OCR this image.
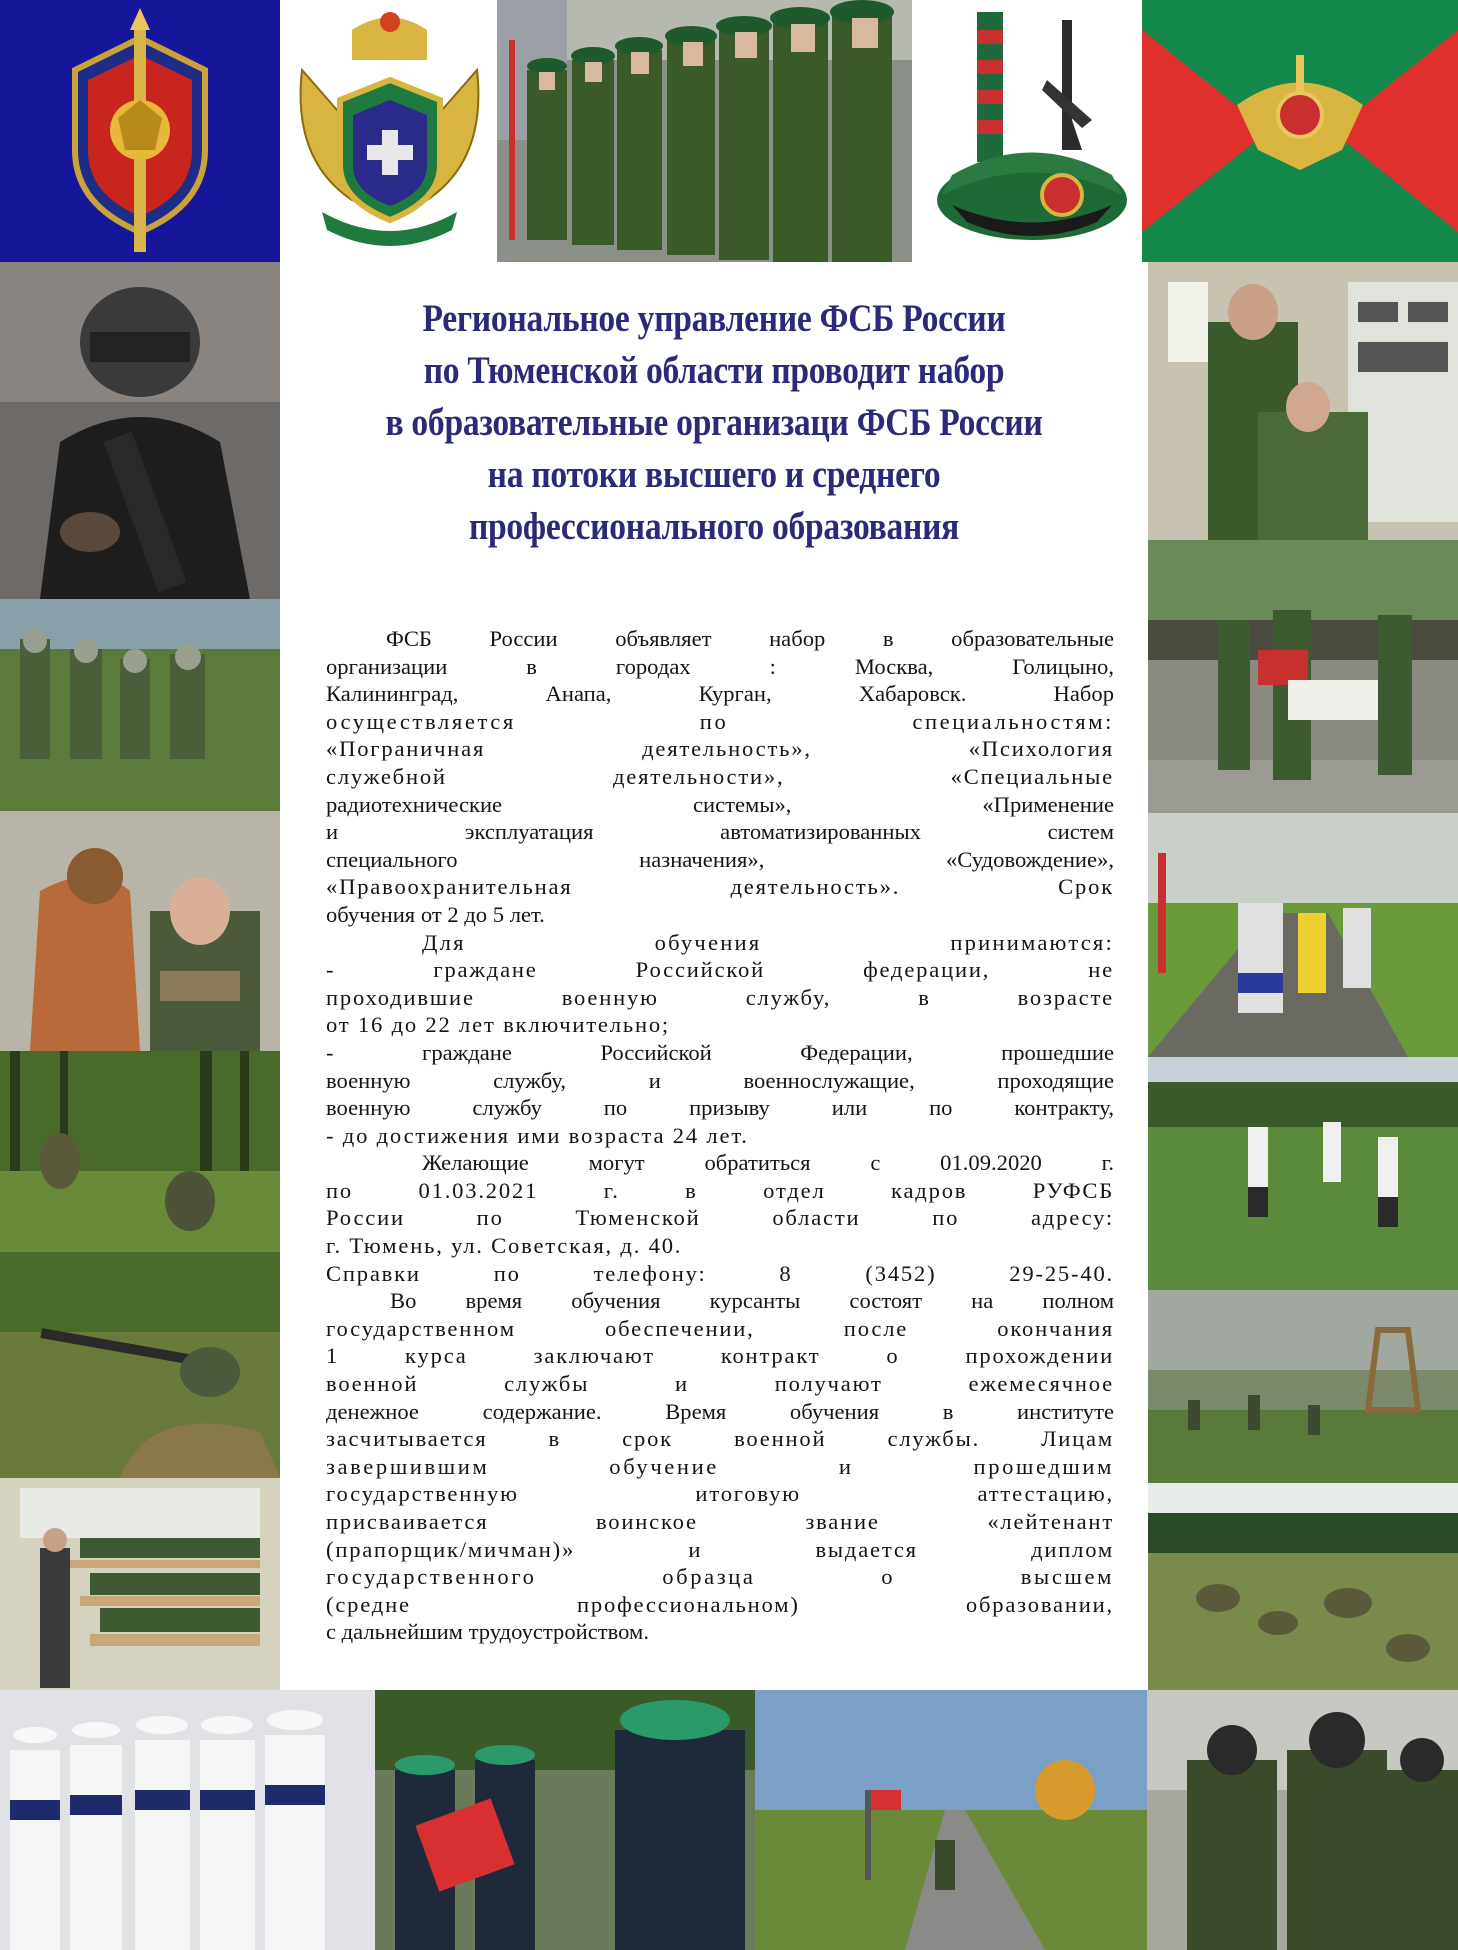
Региональное управление ФСБ России
по Тюменской области проводит набор
в образовательные организаци ФСБ России
на потоки высшего и среднего
профессионального образования

ФСБ России объявляет набор в образовательные

организации в городах : Москва, Голицыно,

Калининград, Анапа, Курган, Хабаровск. Набор

осуществляется по специальностям:

«Пограничная деятельность», «Психология

служебной деятельности», «Специальные

радиотехнические системы», «Применение

и эксплуатация автоматизированных систем

специального назначения», «Судовождение»,

«Правоохранительная деятельность». Срок

обучения от 2 до 5 лет.

Для обучения принимаются:

- граждане Российской федерации, не

проходившие военную службу, в возрасте

от 16 до 22 лет включительно;

- граждане Российской Федерации, прошедшие

военную службу, и военнослужащие, проходящие

военную службу по призыву или по контракту,

- до достижения ими возраста 24 лет.

Желающие могут обратиться с 01.09.2020 г.

по 01.03.2021 г. в отдел кадров РУФСБ

России по Тюменской области по адресу:

г. Тюмень, ул. Советская, д. 40.

Справки по телефону: 8 (3452) 29-25-40.

Во время обучения курсанты состоят на полном

государственном обеспечении, после окончания

1 курса заключают контракт о прохождении

военной службы и получают ежемесячное

денежное содержание. Время обучения в институте

засчитывается в срок военной службы. Лицам

завершившим обучение и прошедшим

государственную итоговую аттестацию,

присваивается воинское звание «лейтенант

(прапорщик/мичман)» и выдается диплом

государственного образца о высшем

(средне профессиональном) образовании,

с дальнейшим трудоустройством.
